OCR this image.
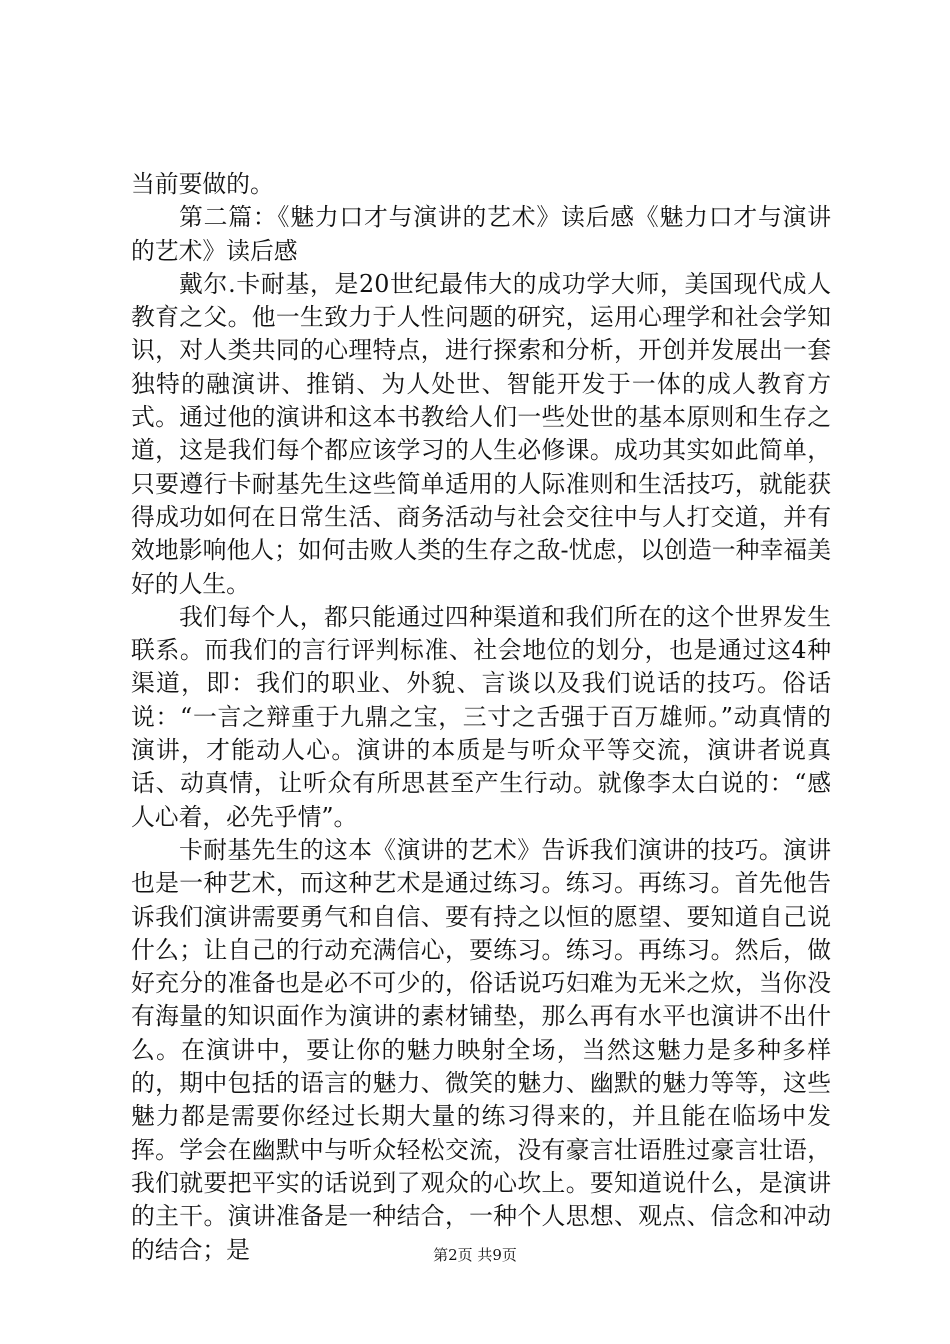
当前要做的。

第二篇：《魅力口才与演讲的艺术》读后感《魅力口才与演讲的艺术》读后感

戴尔.卡耐基，是20世纪最伟大的成功学大师，美国现代成人教育之父。他一生致力于人性问题的研究，运用心理学和社会学知识，对人类共同的心理特点，进行探索和分析，开创并发展出一套独特的融演讲、推销、为人处世、智能开发于一体的成人教育方式。通过他的演讲和这本书教给人们一些处世的基本原则和生存之道，这是我们每个都应该学习的人生必修课。成功其实如此简单，只要遵行卡耐基先生这些简单适用的人际准则和生活技巧，就能获得成功如何在日常生活、商务活动与社会交往中与人打交道，并有效地影响他人；如何击败人类的生存之敌-忧虑，以创造一种幸福美好的人生。

我们每个人，都只能通过四种渠道和我们所在的这个世界发生联系。而我们的言行评判标准、社会地位的划分，也是通过这4种渠道，即：我们的职业、外貌、言谈以及我们说话的技巧。俗话说：“一言之辩重于九鼎之宝，三寸之舌强于百万雄师。”动真情的演讲，才能动人心。演讲的本质是与听众平等交流，演讲者说真话、动真情，让听众有所思甚至产生行动。就像李太白说的：“感人心着，必先乎情”。

卡耐基先生的这本《演讲的艺术》告诉我们演讲的技巧。演讲也是一种艺术，而这种艺术是通过练习。练习。再练习。首先他告诉我们演讲需要勇气和自信、要有持之以恒的愿望、要知道自己说什么；让自己的行动充满信心，要练习。练习。再练习。然后，做好充分的准备也是必不可少的，俗话说巧妇难为无米之炊，当你没有海量的知识面作为演讲的素材铺垫，那么再有水平也演讲不出什么。在演讲中，要让你的魅力映射全场，当然这魅力是多种多样的，期中包括的语言的魅力、微笑的魅力、幽默的魅力等等，这些魅力都是需要你经过长期大量的练习得来的，并且能在临场中发挥。学会在幽默中与听众轻松交流，没有豪言壮语胜过豪言壮语，我们就要把平实的话说到了观众的心坎上。要知道说什么，是演讲的主干。演讲准备是一种结合，一种个人思想、观点、信念和冲动的结合；是	第2页 共9页
